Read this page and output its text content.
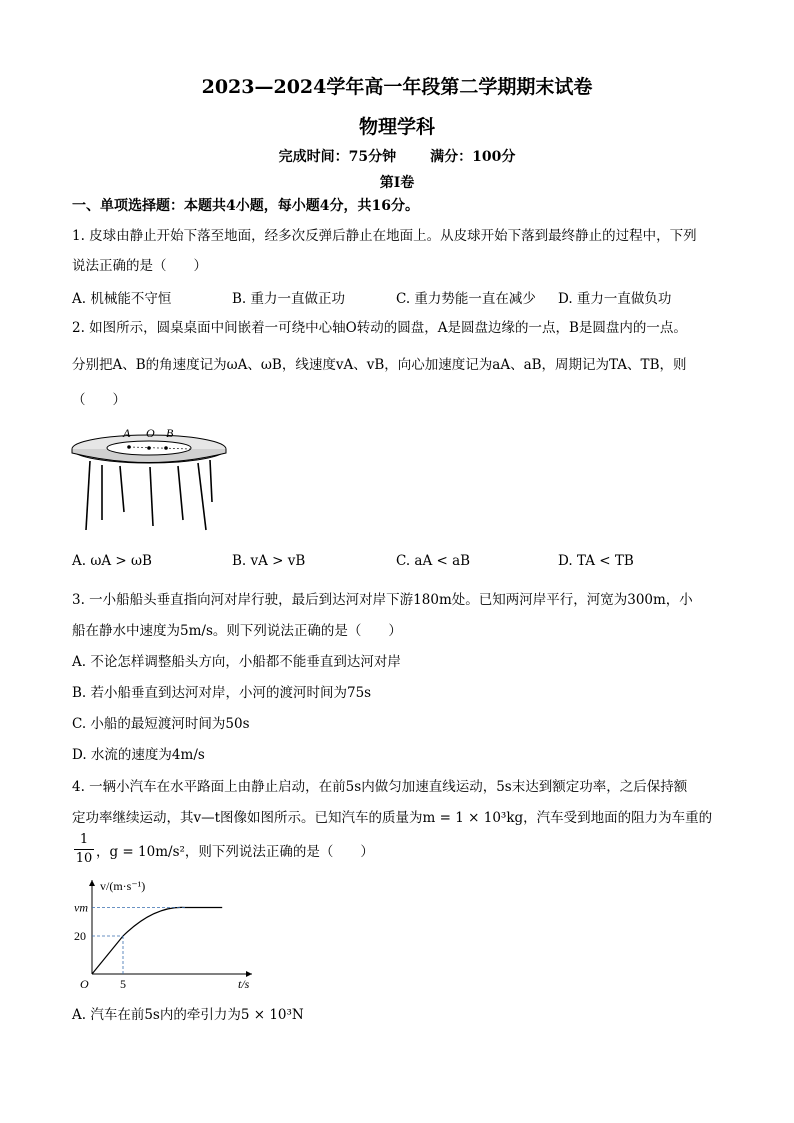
2023—2024学年高一年段第二学期期末试卷
物理学科
完成时间：75分钟 满分：100分
第Ⅰ卷
一、单项选择题：本题共4小题，每小题4分，共16分。
1. 皮球由静止开始下落至地面，经多次反弹后静止在地面上。从皮球开始下落到最终静止的过程中，下列
说法正确的是（　　）
A. 机械能不守恒	B. 重力一直做正功	C. 重力势能一直在减少 D. 重力一直做负功
2. 如图所示，圆桌桌面中间嵌着一可绕中心轴O转动的圆盘，A是圆盘边缘的一点，B是圆盘内的一点。
分别把A、B的角速度记为ωA、ωB，线速度vA、vB，向心加速度记为aA、aB，周期记为TA、TB，则
（　　）
A O B
A. ωA > ωB	B. vA > vB	C. aA < aB	D. TA < TB
3. 一小船船头垂直指向河对岸行驶，最后到达河对岸下游180m处。已知两河岸平行，河宽为300m，小
船在静水中速度为5m/s。则下列说法正确的是（　　）
A. 不论怎样调整船头方向，小船都不能垂直到达河对岸
B. 若小船垂直到达河对岸，小河的渡河时间为75s
C. 小船的最短渡河时间为50s
D. 水流的速度为4m/s
4. 一辆小汽车在水平路面上由静止启动，在前5s内做匀加速直线运动，5s末达到额定功率，之后保持额
定功率继续运动，其v—t图像如图所示。已知汽车的质量为m = 1 × 10³kg，汽车受到地面的阻力为车重的
1
10 ，g = 10m/s²，则下列说法正确的是（　　）
v/(m·s⁻¹)
t/s
O
20
vm
5
A. 汽车在前5s内的牵引力为5 × 10³N
